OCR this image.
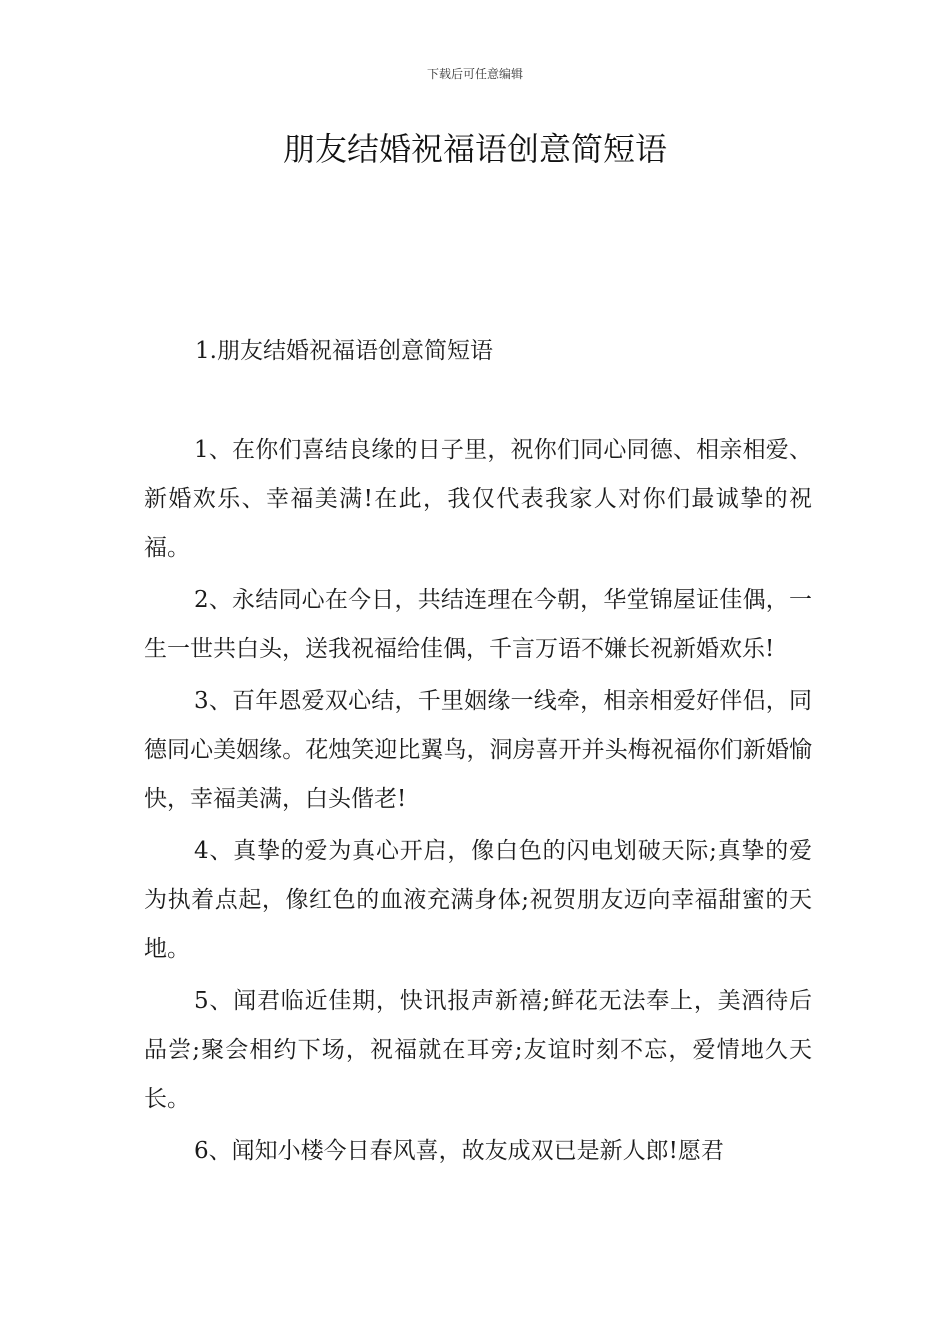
下载后可任意编辑
朋友结婚祝福语创意简短语
1.朋友结婚祝福语创意简短语

1、在你们喜结良缘的日子里，祝你们同心同德、相亲相爱、新婚欢乐、幸福美满!在此，我仅代表我家人对你们最诚挚的祝福。

2、永结同心在今日，共结连理在今朝，华堂锦屋证佳偶，一生一世共白头，送我祝福给佳偶，千言万语不嫌长祝新婚欢乐!

3、百年恩爱双心结，千里姻缘一线牵，相亲相爱好伴侣，同德同心美姻缘。花烛笑迎比翼鸟，洞房喜开并头梅祝福你们新婚愉快，幸福美满，白头偕老!

4、真挚的爱为真心开启，像白色的闪电划破天际;真挚的爱为执着点起，像红色的血液充满身体;祝贺朋友迈向幸福甜蜜的天地。

5、闻君临近佳期，快讯报声新禧;鲜花无法奉上，美酒待后品尝;聚会相约下场，祝福就在耳旁;友谊时刻不忘，爱情地久天长。

6、闻知小楼今日春风喜，故友成双已是新人郎!愿君
